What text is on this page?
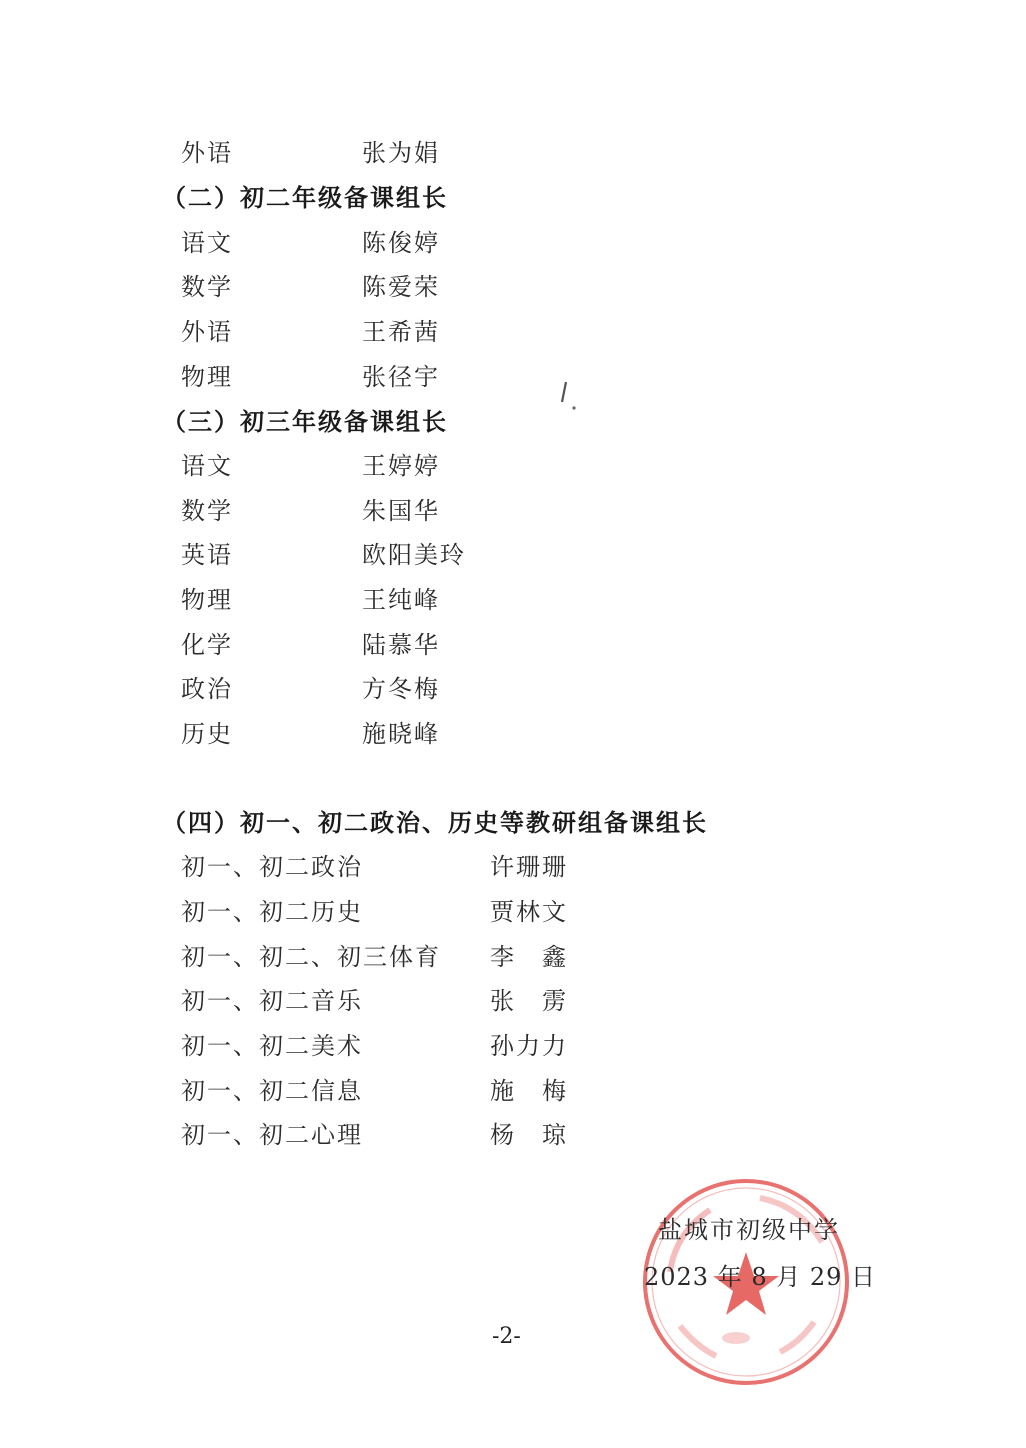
外语	张为娟
（二）初二年级备课组长
语文	陈俊婷
数学	陈爱荣
外语	王希茜
物理	张径宇
（三）初三年级备课组长
语文	王婷婷
数学	朱国华
英语	欧阳美玲
物理	王纯峰
化学	陆慕华
政治	方冬梅
历史	施晓峰
（四）初一、初二政治、历史等教研组备课组长
初一、初二政治	许珊珊
初一、初二历史	贾林文
初一、初二、初三体育 李　鑫
初一、初二音乐	张　雳
初一、初二美术	孙力力
初一、初二信息	施　梅
初一、初二心理	杨　琼
盐城市初级中学
2023 年 8 月 29 日
-2-
